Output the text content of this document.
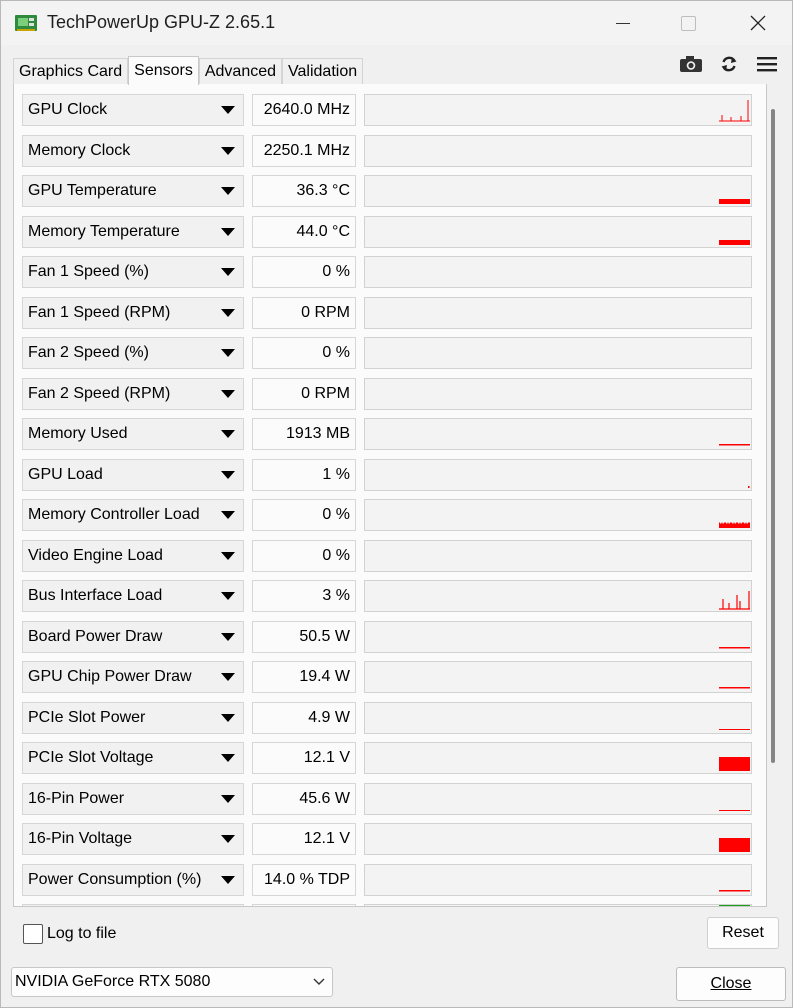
TechPowerUp GPU-Z 2.65.1
Graphics Card Sensors Advanced Validation
GPU Clock	2640.0 MHz
Memory Clock	2250.1 MHz
GPU Temperature	36.3 °C
Memory Temperature	44.0 °C
Fan 1 Speed (%)	0 %
Fan 1 Speed (RPM)	0 RPM
Fan 2 Speed (%)	0 %
Fan 2 Speed (RPM)	0 RPM
Memory Used	1913 MB
GPU Load	1 %
Memory Controller Load	0 %
Video Engine Load	0 %
Bus Interface Load	3 %
Board Power Draw	50.5 W
GPU Chip Power Draw	19.4 W
PCIe Slot Power	4.9 W
PCIe Slot Voltage	12.1 V
16-Pin Power	45.6 W
16-Pin Voltage	12.1 V
Power Consumption (%)	14.0 % TDP
Log to file	Reset
NVIDIA GeForce RTX 5080	Close
